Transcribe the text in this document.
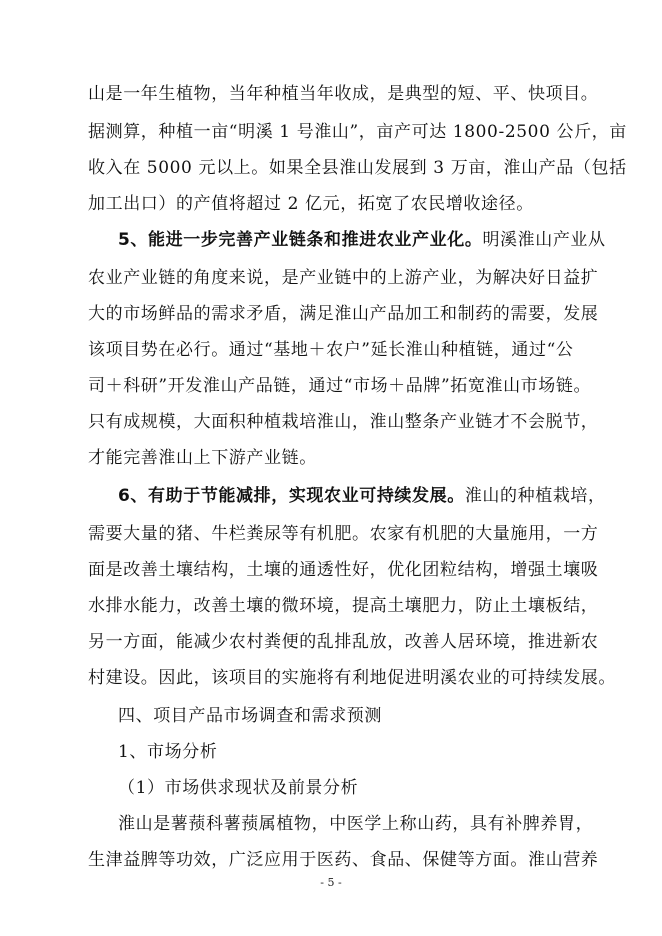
山是一年生植物，当年种植当年收成，是典型的短、平、快项目。
据测算，种植一亩“明溪 1 号淮山”，亩产可达 1800-2500 公斤，亩
收入在 5000 元以上。如果全县淮山发展到 3 万亩，淮山产品（包括
加工出口）的产值将超过 2 亿元，拓宽了农民增收途径。
5、能进一步完善产业链条和推进农业产业化。明溪淮山产业从
农业产业链的角度来说，是产业链中的上游产业，为解决好日益扩
大的市场鲜品的需求矛盾，满足淮山产品加工和制药的需要，发展
该项目势在必行。通过“基地＋农户”延长淮山种植链，通过“公
司＋科研”开发淮山产品链，通过“市场＋品牌”拓宽淮山市场链。
只有成规模，大面积种植栽培淮山，淮山整条产业链才不会脱节，
才能完善淮山上下游产业链。
6、有助于节能减排，实现农业可持续发展。淮山的种植栽培，
需要大量的猪、牛栏粪尿等有机肥。农家有机肥的大量施用，一方
面是改善土壤结构，土壤的通透性好，优化团粒结构，增强土壤吸
水排水能力，改善土壤的微环境，提高土壤肥力，防止土壤板结，
另一方面，能减少农村粪便的乱排乱放，改善人居环境，推进新农
村建设。因此，该项目的实施将有利地促进明溪农业的可持续发展。
四、项目产品市场调查和需求预测
1、市场分析
（1）市场供求现状及前景分析
淮山是薯蓣科薯蓣属植物，中医学上称山药，具有补脾养胃，
生津益脾等功效，广泛应用于医药、食品、保健等方面。淮山营养
- 5 -
